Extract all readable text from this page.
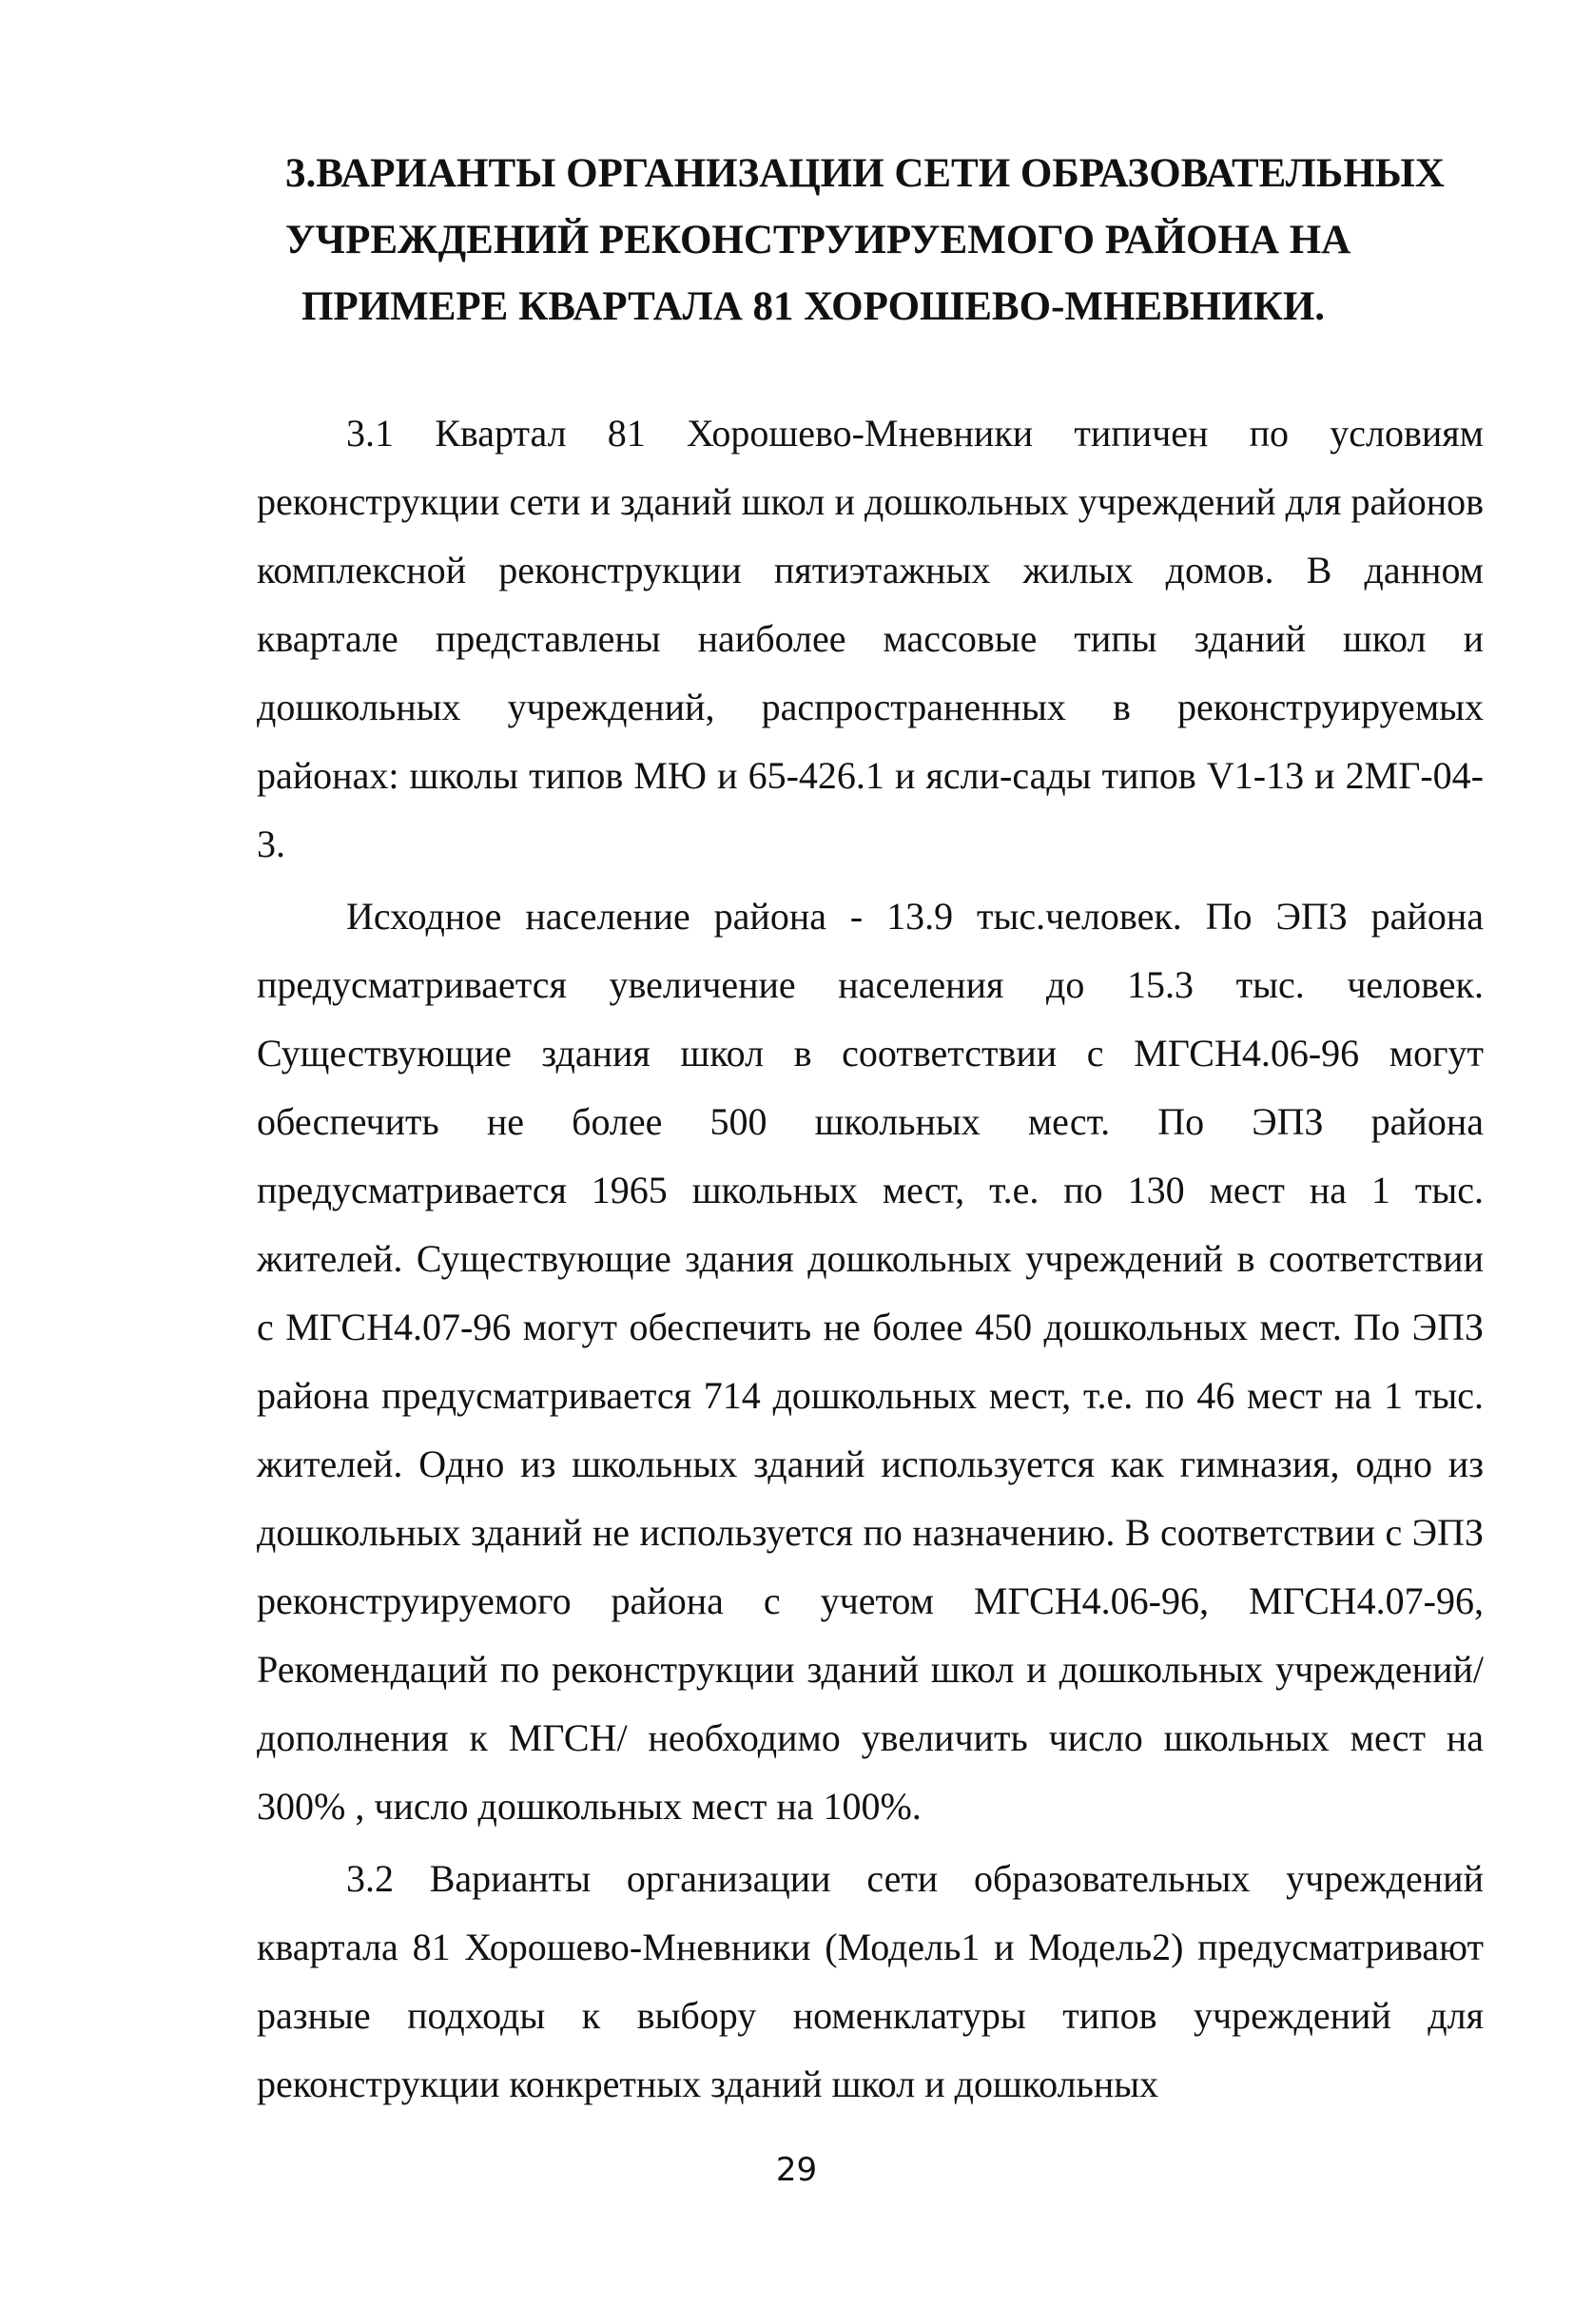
3.ВАРИАНТЫ ОРГАНИЗАЦИИ СЕТИ ОБРАЗОВАТЕЛЬНЫХ
УЧРЕЖДЕНИЙ РЕКОНСТРУИРУЕМОГО РАЙОНА НА
ПРИМЕРЕ КВАРТАЛА 81 ХОРОШЕВО-МНЕВНИКИ.

3.1 Квартал 81 Хорошево-Мневники типичен по условиям реконструкции сети и зданий школ и дошкольных учреждений для районов комплексной реконструкции пятиэтажных жилых домов. В данном квартале представлены наиболее массовые типы зданий школ и дошкольных учреждений, распространенных в реконструируемых районах: школы типов МЮ и 65-426.1 и ясли-сады типов V1-13 и 2МГ-04-3.

Исходное население района - 13.9 тыс.человек. По ЭПЗ района предусматривается увеличение населения до 15.3 тыс. человек. Существующие здания школ в соответствии с МГСН4.06-96 могут обеспечить не более 500 школьных мест. По ЭПЗ района предусматривается 1965 школьных мест, т.е. по 130 мест на 1 тыс. жителей. Существующие здания дошкольных учреждений в соответствии с МГСН4.07-96 могут обеспечить не более 450 дошкольных мест. По ЭПЗ района предусматривается 714 дошкольных мест, т.е. по 46 мест на 1 тыс. жителей. Одно из школьных зданий используется как гимназия, одно из дошкольных зданий не используется по назначению. В соответствии с ЭПЗ реконструируемого района с учетом МГСН4.06-96, МГСН4.07-96, Рекомендаций по реконструкции зданий школ и дошкольных учреждений/дополнения к МГСН/ необходимо увеличить число школьных мест на 300% , число дошкольных мест на 100%.

3.2 Варианты организации сети образовательных учреждений квартала 81 Хорошево-Мневники (Модель1 и Модель2) предусматривают разные подходы к выбору номенклатуры типов учреждений для реконструкции конкретных зданий школ и дошкольных

29
